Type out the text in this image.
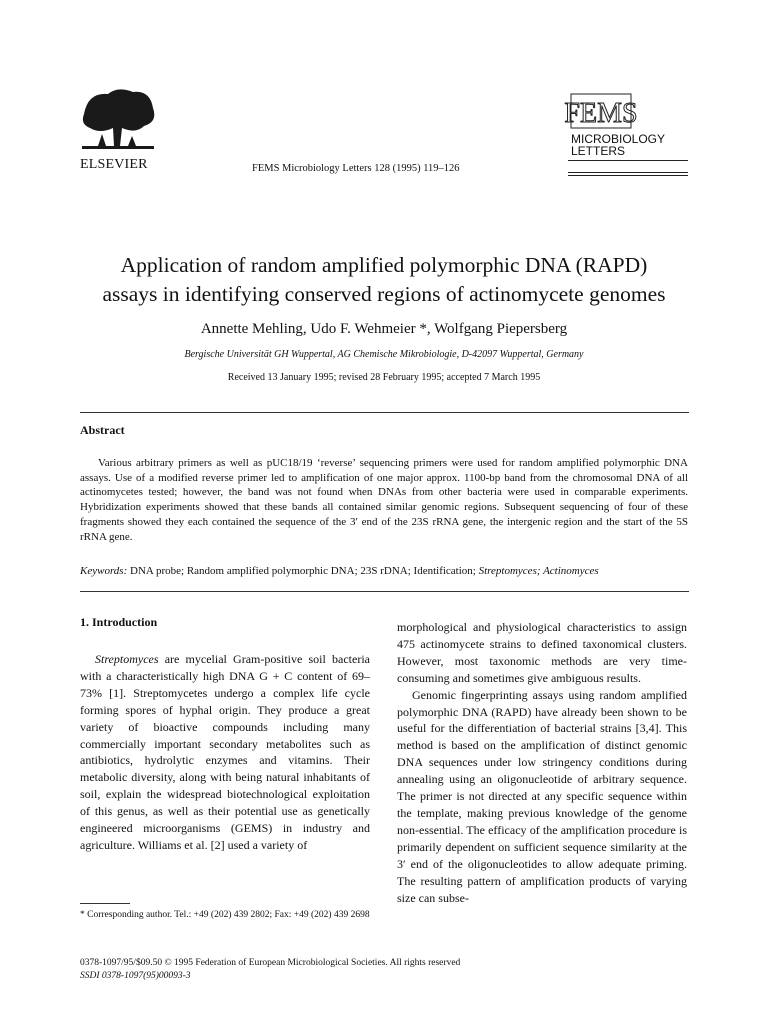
ELSEVIER	FEMS Microbiology Letters 128 (1995) 119–126
FEMS
MICROBIOLOGY
LETTERS
Application of random amplified polymorphic DNA (RAPD)
assays in identifying conserved regions of actinomycete genomes
Annette Mehling, Udo F. Wehmeier *, Wolfgang Piepersberg
Bergische Universität GH Wuppertal, AG Chemische Mikrobiologie, D-42097 Wuppertal, Germany
Received 13 January 1995; revised 28 February 1995; accepted 7 March 1995
Abstract
Various arbitrary primers as well as pUC18/19 ‘reverse’ sequencing primers were used for random amplified polymorphic DNA assays. Use of a modified reverse primer led to amplification of one major approx. 1100-bp band from the chromosomal DNA of all actinomycetes tested; however, the band was not found when DNAs from other bacteria were used in comparable experiments. Hybridization experiments showed that these bands all contained similar genomic regions. Subsequent sequencing of four of these fragments showed they each contained the sequence of the 3′ end of the 23S rRNA gene, the intergenic region and the start of the 5S rRNA gene.
Keywords: DNA probe; Random amplified polymorphic DNA; 23S rDNA; Identification; Streptomyces; Actinomyces
1. Introduction

Streptomyces are mycelial Gram-positive soil bacteria with a characteristically high DNA G + C content of 69–73% [1]. Streptomycetes undergo a complex life cycle forming spores of hyphal origin. They produce a great variety of bioactive compounds including many commercially important secondary metabolites such as antibiotics, hydrolytic enzymes and vitamins. Their metabolic diversity, along with being natural inhabitants of soil, explain the widespread biotechnological exploitation of this genus, as well as their potential use as genetically engineered microorganisms (GEMS) in industry and agriculture. Williams et al. [2] used a variety of

morphological and physiological characteristics to assign 475 actinomycete strains to defined taxonomical clusters. However, most taxonomic methods are very time-consuming and sometimes give ambiguous results.

Genomic fingerprinting assays using random amplified polymorphic DNA (RAPD) have already been shown to be useful for the differentiation of bacterial strains [3,4]. This method is based on the amplification of distinct genomic DNA sequences under low stringency conditions during annealing using an oligonucleotide of arbitrary sequence. The primer is not directed at any specific sequence within the template, making previous knowledge of the genome non-essential. The efficacy of the amplification procedure is primarily dependent on sufficient sequence similarity at the 3′ end of the oligonucleotides to allow adequate priming. The resulting pattern of amplification products of varying size can subse-

* Corresponding author. Tel.: +49 (202) 439 2802; Fax: +49 (202) 439 2698
0378-1097/95/$09.50 © 1995 Federation of European Microbiological Societies. All rights reserved
SSDI 0378-1097(95)00093-3
